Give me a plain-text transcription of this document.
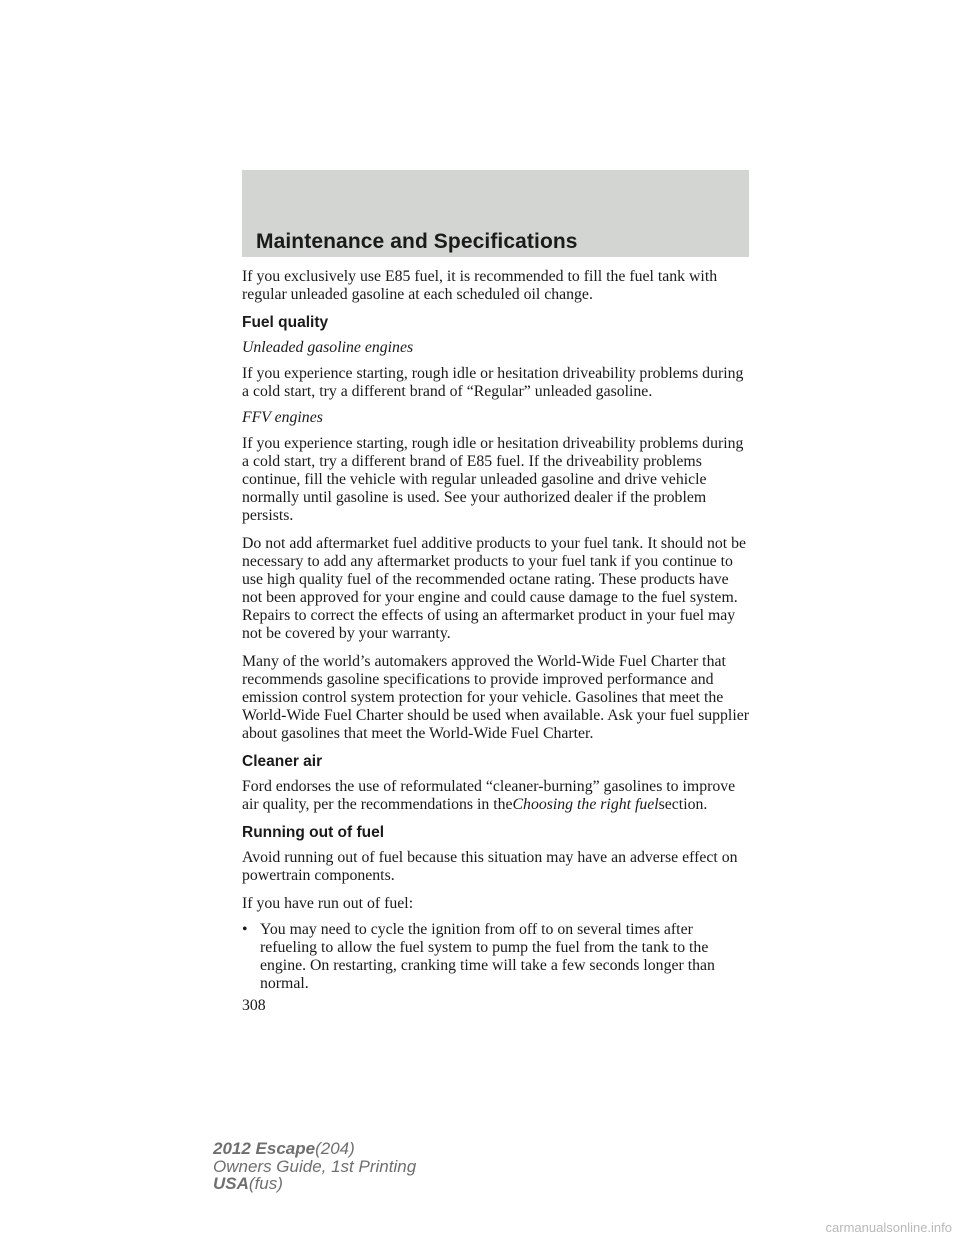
Maintenance and Specifications

If you exclusively use E85 fuel, it is recommended to fill the fuel tank with regular unleaded gasoline at each scheduled oil change.

Fuel quality

Unleaded gasoline engines

If you experience starting, rough idle or hesitation driveability problems during a cold start, try a different brand of “Regular” unleaded gasoline.

FFV engines

If you experience starting, rough idle or hesitation driveability problems during a cold start, try a different brand of E85 fuel. If the driveability problems continue, fill the vehicle with regular unleaded gasoline and drive vehicle normally until gasoline is used. See your authorized dealer if the problem persists.

Do not add aftermarket fuel additive products to your fuel tank. It should not be necessary to add any aftermarket products to your fuel tank if you continue to use high quality fuel of the recommended octane rating. These products have not been approved for your engine and could cause damage to the fuel system. Repairs to correct the effects of using an aftermarket product in your fuel may not be covered by your warranty.

Many of the world’s automakers approved the World-Wide Fuel Charter that recommends gasoline specifications to provide improved performance and emission control system protection for your vehicle. Gasolines that meet the World-Wide Fuel Charter should be used when available. Ask your fuel supplier about gasolines that meet the World-Wide Fuel Charter.

Cleaner air

Ford endorses the use of reformulated “cleaner-burning” gasolines to improve air quality, per the recommendations in theChoosing the right fuelsection.

Running out of fuel

Avoid running out of fuel because this situation may have an adverse effect on powertrain components.

If you have run out of fuel:

• You may need to cycle the ignition from off to on several times after refueling to allow the fuel system to pump the fuel from the tank to the engine. On restarting, cranking time will take a few seconds longer than normal.
308
2012 Escape(204)
Owners Guide, 1st Printing
USA(fus)
carmanualsonline.info
